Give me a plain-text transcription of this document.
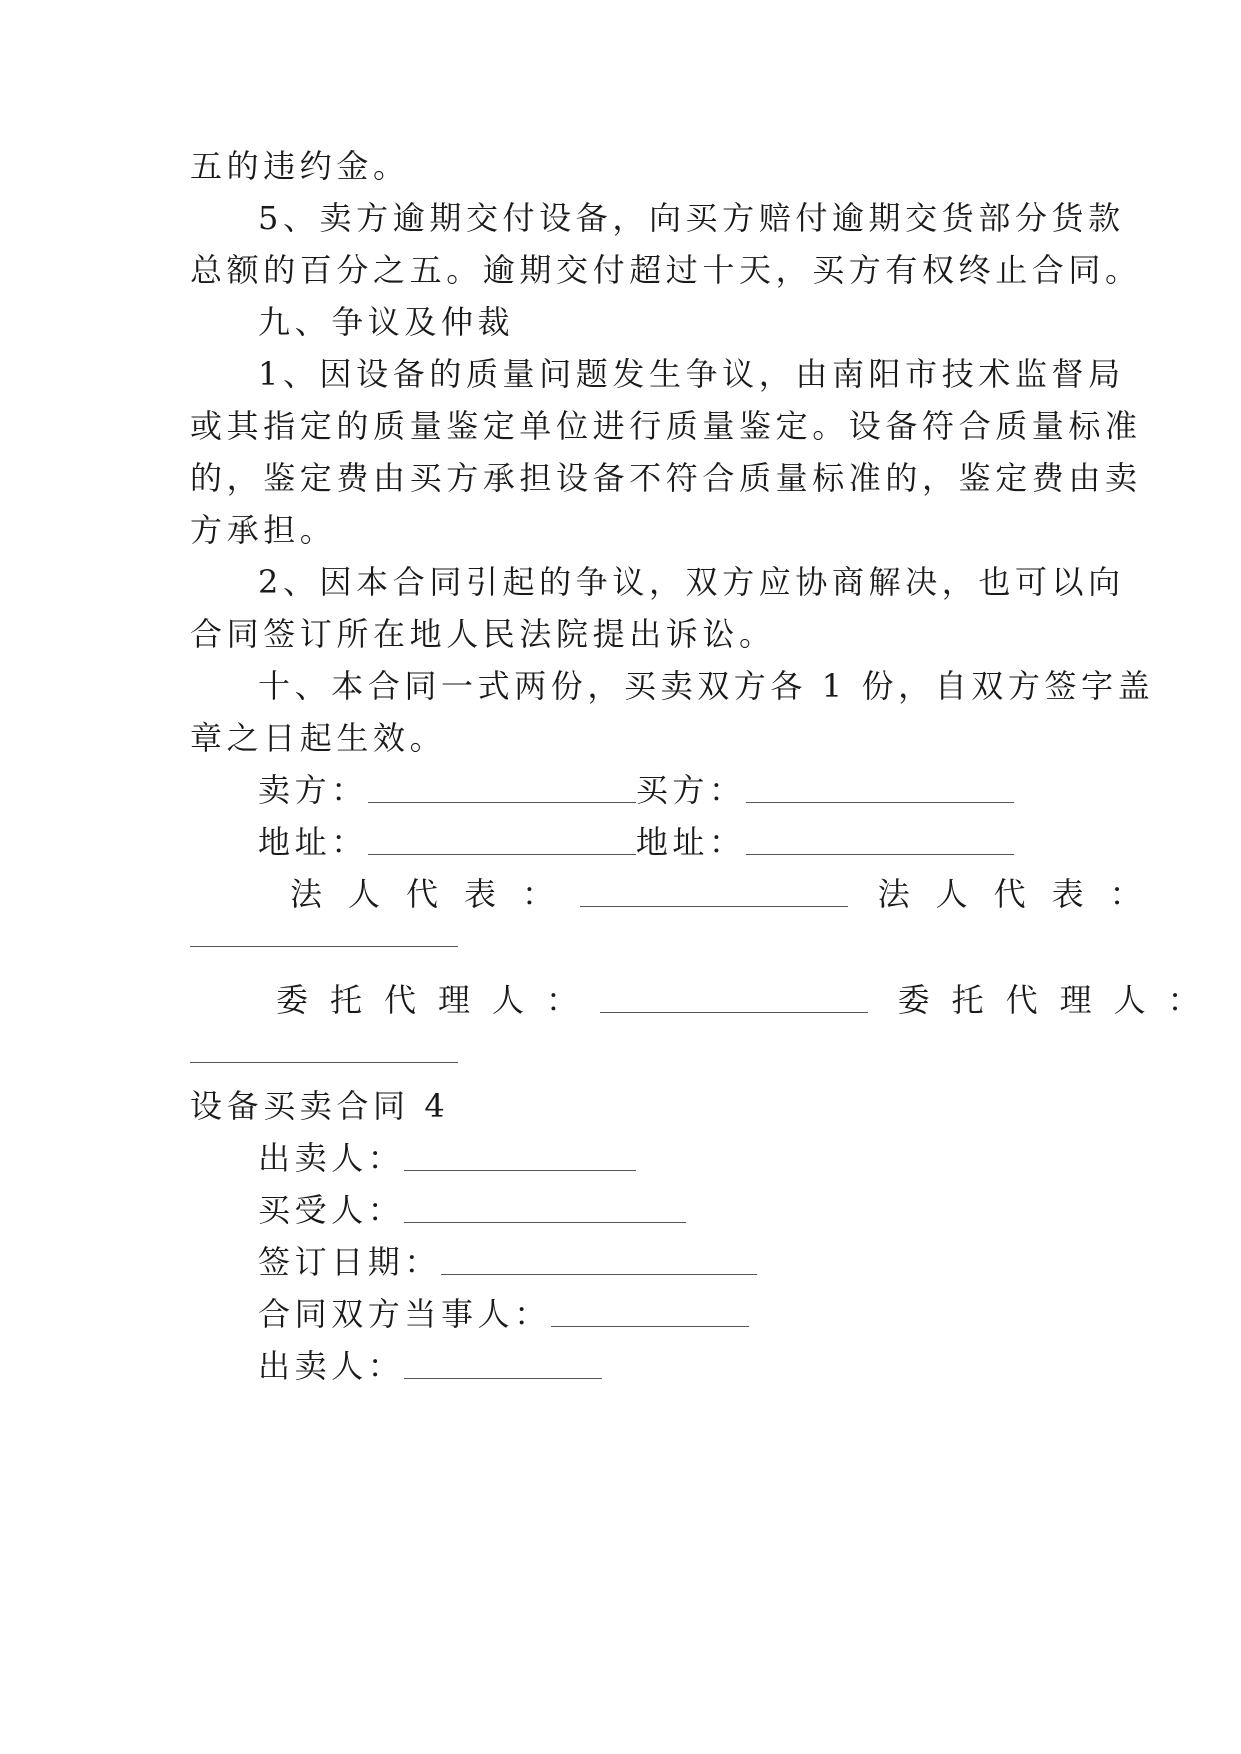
五的违约金。
5、卖方逾期交付设备，向买方赔付逾期交货部分货款
总额的百分之五。逾期交付超过十天，买方有权终止合同。
九、争议及仲裁
1、因设备的质量问题发生争议，由南阳市技术监督局
或其指定的质量鉴定单位进行质量鉴定。设备符合质量标准
的，鉴定费由买方承担设备不符合质量标准的，鉴定费由卖
方承担。
2、因本合同引起的争议，双方应协商解决，也可以向
合同签订所在地人民法院提出诉讼。
十、本合同一式两份，买卖双方各 1 份，自双方签字盖
章之日起生效。
卖方：	买方：
地址：	地址：
法人代表：	法人代表：
委托代理人：	委托代理人：
设备买卖合同 4
出卖人：
买受人：
签订日期：
合同双方当事人：
出卖人：
